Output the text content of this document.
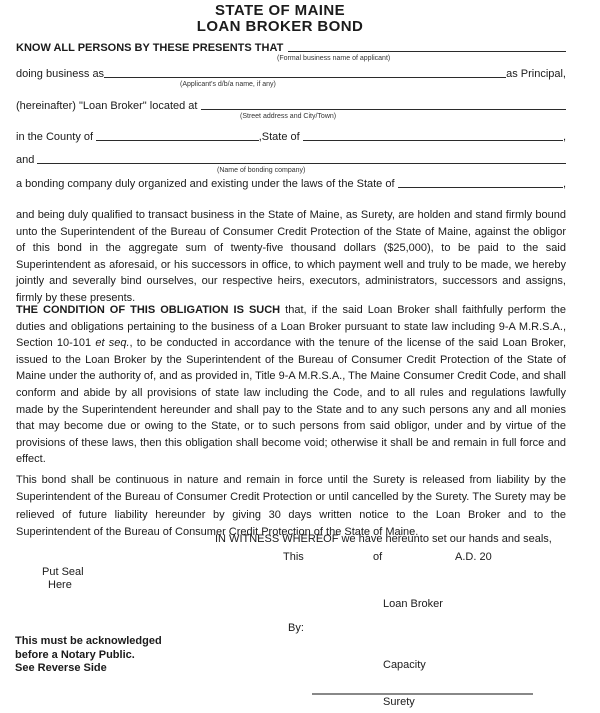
STATE OF MAINE
LOAN BROKER BOND
KNOW ALL PERSONS BY THESE PRESENTS THAT
(Formal business name of applicant)
doing business as	as Principal,
(Applicant's d/b/a name, if any)
(hereinafter) "Loan Broker" located at
(Street address and City/Town)
in the County of	,State of	,
and
(Name of bonding company)
a bonding company duly organized and existing under the laws of the State of	,

and being duly qualified to transact business in the State of Maine, as Surety, are holden and stand firmly bound unto the Superintendent of the Bureau of Consumer Credit Protection of the State of Maine, against the obligor of this bond in the aggregate sum of twenty-five thousand dollars ($25,000), to be paid to the said Superintendent as aforesaid, or his successors in office, to which payment well and truly to be made, we hereby jointly and severally bind ourselves, our respective heirs, executors, administrators, successors and assigns, firmly by these presents.

THE CONDITION OF THIS OBLIGATION IS SUCH that, if the said Loan Broker shall faithfully perform the duties and obligations pertaining to the business of a Loan Broker pursuant to state law including 9-A M.R.S.A., Section 10-101 et seq., to be conducted in accordance with the tenure of the license of the said Loan Broker, issued to the Loan Broker by the Superintendent of the Bureau of Consumer Credit Protection of the State of Maine under the authority of, and as provided in, Title 9-A M.R.S.A., The Maine Consumer Credit Code, and shall conform and abide by all provisions of state law including the Code, and to all rules and regulations lawfully made by the Superintendent hereunder and shall pay to the State and to any such persons any and all monies that may become due or owing to the State, or to such persons from said obligor, under and by virtue of the provisions of these laws, then this obligation shall become void; otherwise it shall be and remain in full force and effect.

This bond shall be continuous in nature and remain in force until the Surety is released from liability by the Superintendent of the Bureau of Consumer Credit Protection or until cancelled by the Surety. The Surety may be relieved of future liability hereunder by giving 30 days written notice to the Loan Broker and to the Superintendent of the Bureau of Consumer Credit Protection of the State of Maine.

IN WITNESS WHEREOF we have hereunto set our hands and seals,
This	of	A.D. 20
Put Seal
Here
Loan Broker
By:
This must be acknowledged
before a Notary Public.
See Reverse Side	Capacity
Surety
